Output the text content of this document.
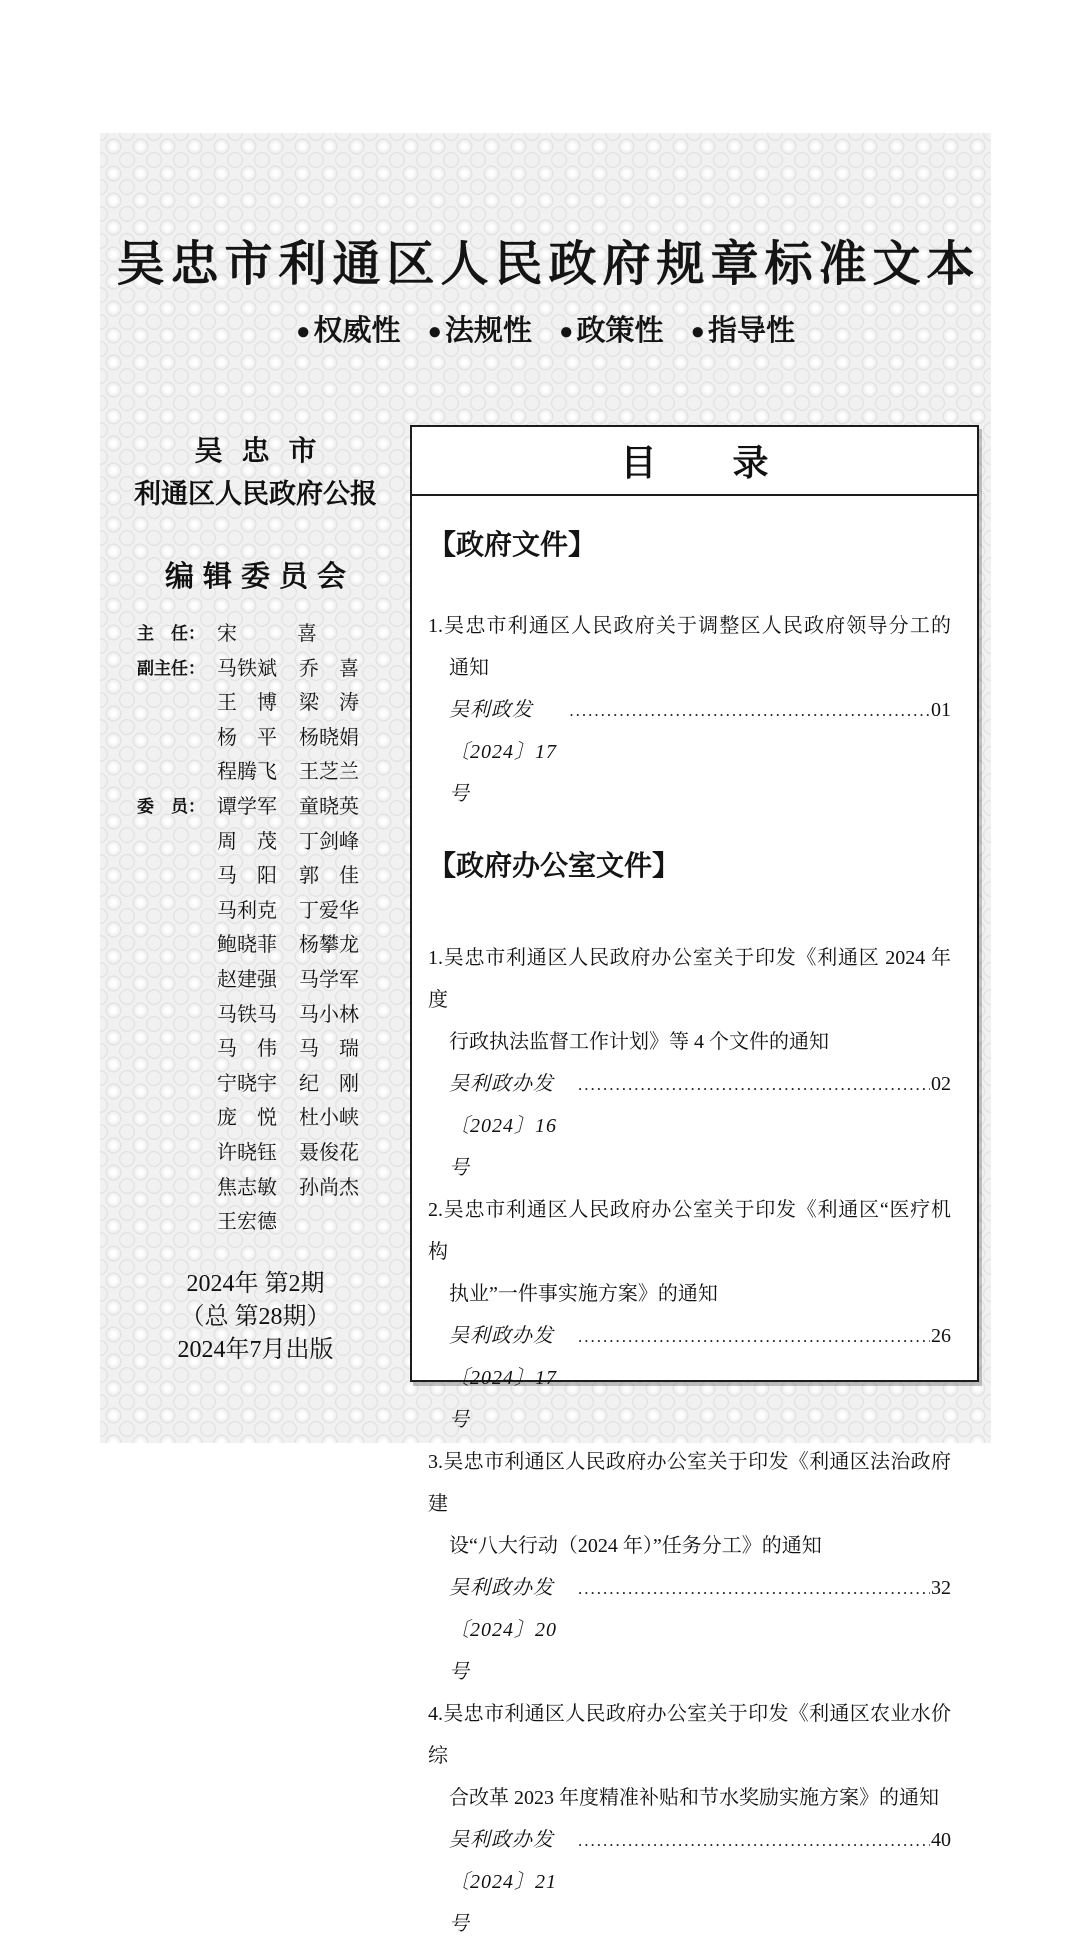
吴忠市利通区人民政府规章标准文本
● 权威性 ● 法规性 ● 政策性 ● 指导性
吴忠市
利通区人民政府公报
编辑委员会
主　任： 宋　　　喜
副主任： 马铁斌 乔　喜
王　博 梁　涛
杨　平 杨晓娟
程腾飞 王芝兰
委　员： 谭学军 童晓英
周　茂 丁剑峰
马　阳 郭　佳
马利克 丁爱华
鲍晓菲 杨攀龙
赵建强 马学军
马铁马 马小林
马　伟 马　瑞
宁晓宇 纪　刚
庞　悦 杜小峡
许晓钰 聂俊花
焦志敏 孙尚杰
王宏德
2024年 第2期
（总 第28期）
2024年7月出版
目 录
【政府文件】
1.吴忠市利通区人民政府关于调整区人民政府领导分工的
通知
吴利政发〔2024〕17号
.....
01
【政府办公室文件】
1.吴忠市利通区人民政府办公室关于印发《利通区 2024 年度
行政执法监督工作计划》等 4 个文件的通知
吴利政办发〔2024〕16号
.....
02
2.吴忠市利通区人民政府办公室关于印发《利通区“医疗机构
执业”一件事实施方案》的通知
吴利政办发〔2024〕17号
.....
26
3.吴忠市利通区人民政府办公室关于印发《利通区法治政府建
设“八大行动（2024 年）”任务分工》的通知
吴利政办发〔2024〕20号
.....
32
4.吴忠市利通区人民政府办公室关于印发《利通区农业水价综
合改革 2023 年度精准补贴和节水奖励实施方案》的通知
吴利政办发〔2024〕21号
.....
40
